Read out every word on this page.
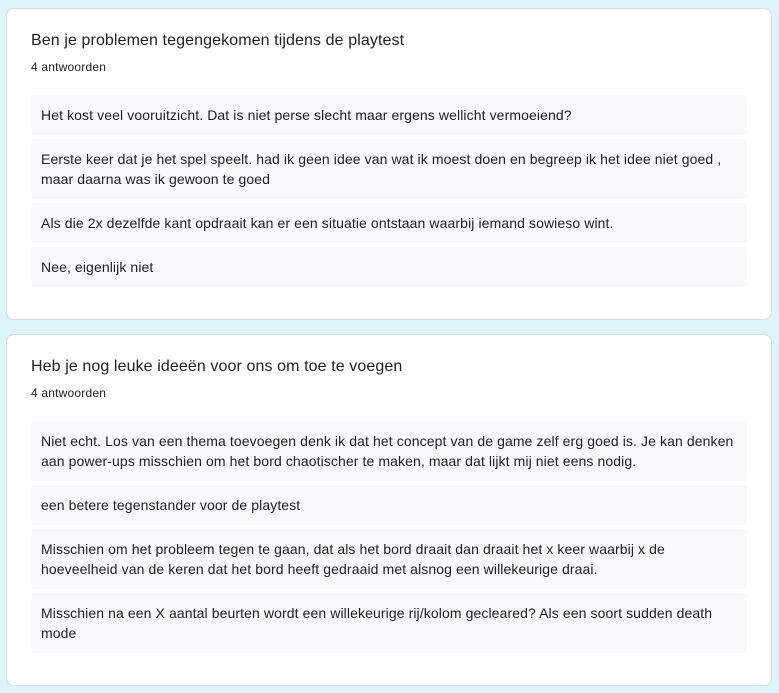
Ben je problemen tegengekomen tijdens de playtest
4 antwoorden
Het kost veel vooruitzicht. Dat is niet perse slecht maar ergens wellicht vermoeiend?
Eerste keer dat je het spel speelt. had ik geen idee van wat ik moest doen en begreep ik het idee niet goed , maar daarna was ik gewoon te goed
Als die 2x dezelfde kant opdraait kan er een situatie ontstaan waarbij iemand sowieso wint.
Nee, eigenlijk niet
Heb je nog leuke ideeën voor ons om toe te voegen
4 antwoorden
Niet echt. Los van een thema toevoegen denk ik dat het concept van de game zelf erg goed is. Je kan denken aan power-ups misschien om het bord chaotischer te maken, maar dat lijkt mij niet eens nodig.
een betere tegenstander voor de playtest
Misschien om het probleem tegen te gaan, dat als het bord draait dan draait het x keer waarbij x de hoeveelheid van de keren dat het bord heeft gedraaid met alsnog een willekeurige draai.
Misschien na een X aantal beurten wordt een willekeurige rij/kolom gecleared? Als een soort sudden death mode
